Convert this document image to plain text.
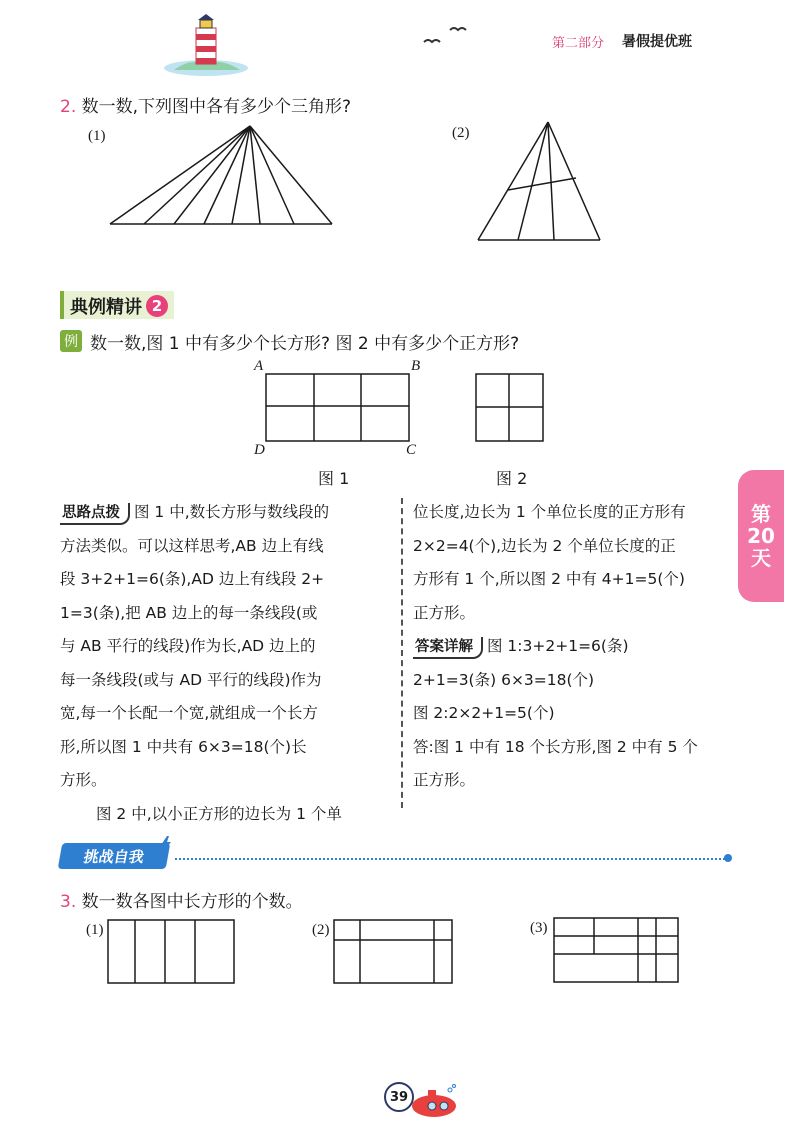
第二部分 暑假提优班
2. 数一数,下列图中各有多少个三角形?
(1)	(2)
典例精讲 2
例 数一数,图 1 中有多少个长方形? 图 2 中有多少个正方形?
A	B
D	C
图 1	图 2
思路点拨 图 1 中,数长方形与数线段的
方法类似。可以这样思考,AB 边上有线
段 3+2+1=6(条),AD 边上有线段 2+
1=3(条),把 AB 边上的每一条线段(或
与 AB 平行的线段)作为长,AD 边上的
每一条线段(或与 AD 平行的线段)作为
宽,每一个长配一个宽,就组成一个长方
形,所以图 1 中共有 6×3=18(个)长
方形。
图 2 中,以小正方形的边长为 1 个单
位长度,边长为 1 个单位长度的正方形有
2×2=4(个),边长为 2 个单位长度的正
方形有 1 个,所以图 2 中有 4+1=5(个)
正方形。
答案详解 图 1:3+2+1=6(条)
2+1=3(条) 6×3=18(个)
图 2:2×2+1=5(个)
答:图 1 中有 18 个长方形,图 2 中有 5 个
正方形。
第
20
天
挑战自我
3. 数一数各图中长方形的个数。
(1)	(2)	(3)
39
